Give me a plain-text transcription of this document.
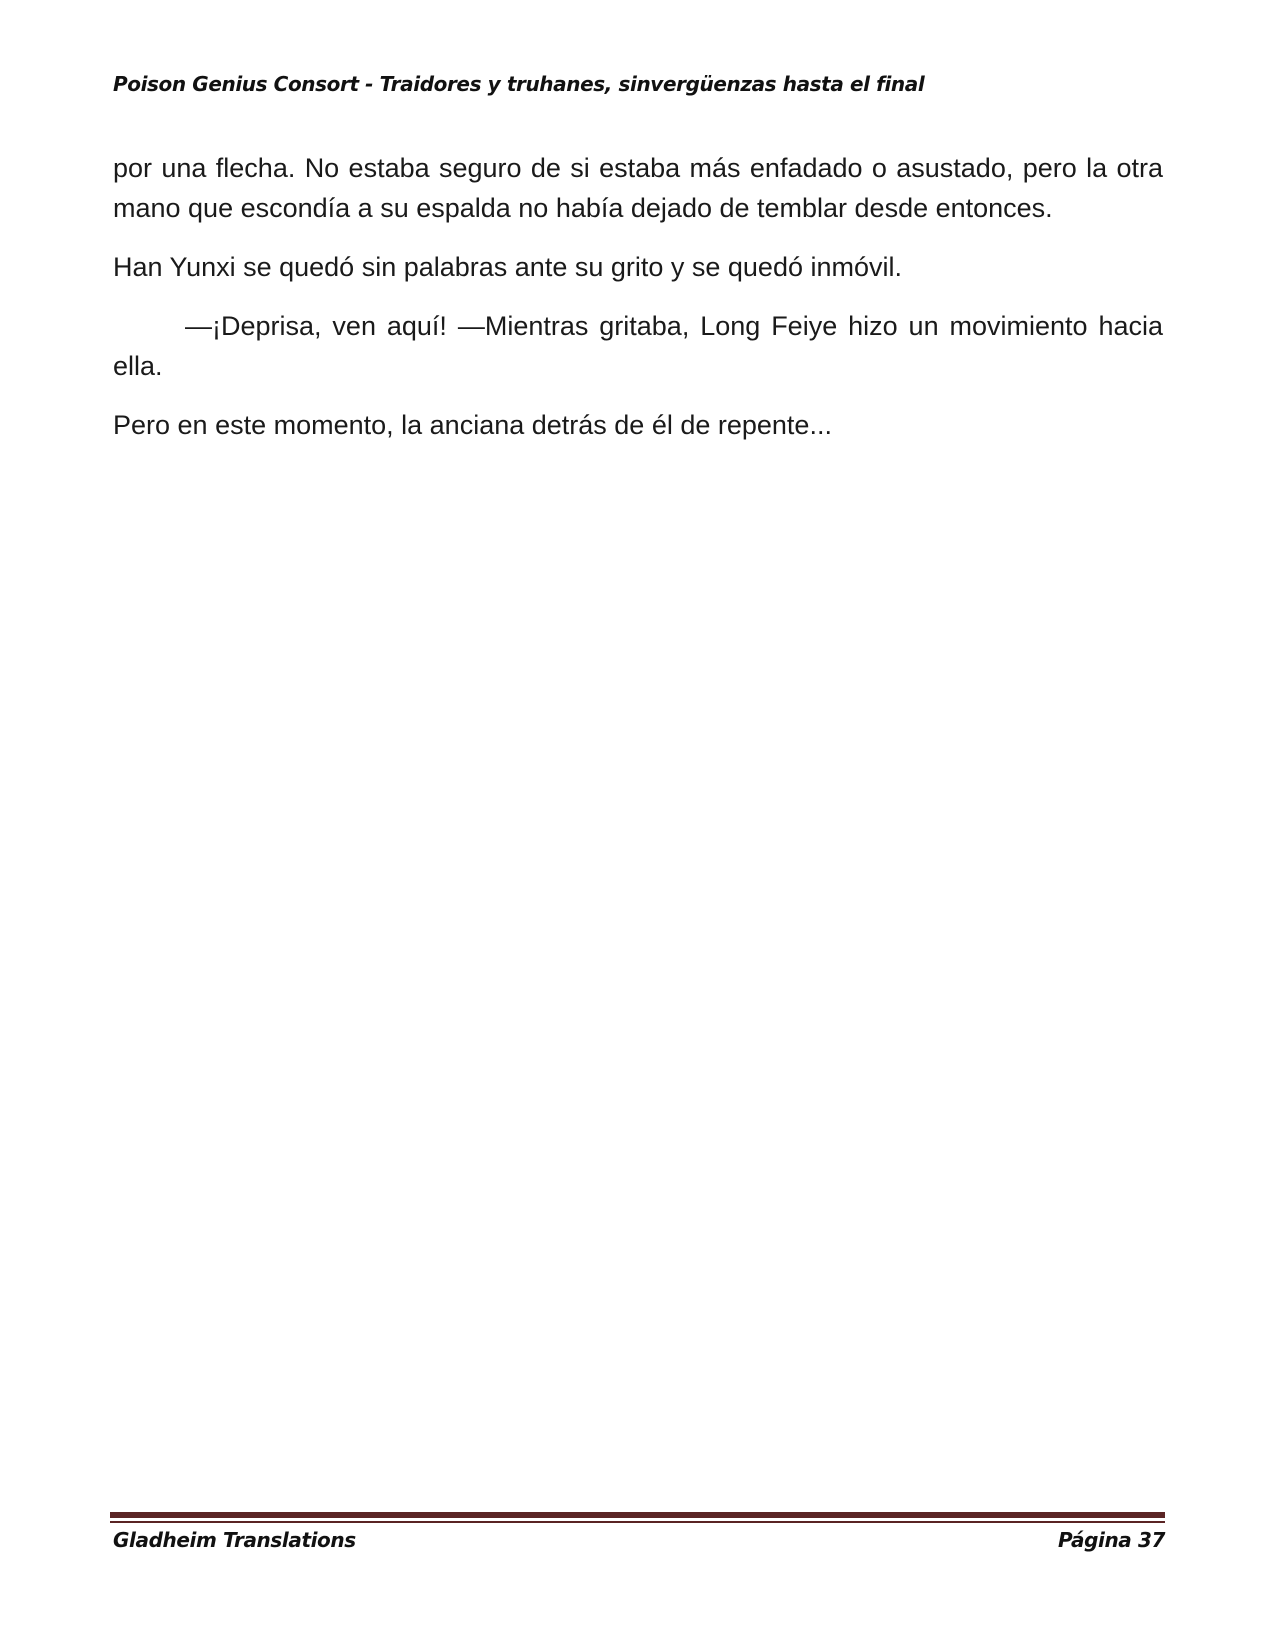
Poison Genius Consort - Traidores y truhanes, sinvergüenzas hasta el final

por una flecha. No estaba seguro de si estaba más enfadado o asustado, pero la otra mano que escondía a su espalda no había dejado de temblar desde entonces.

Han Yunxi se quedó sin palabras ante su grito y se quedó inmóvil.

—¡Deprisa, ven aquí! —Mientras gritaba, Long Feiye hizo un movimiento hacia ella.

Pero en este momento, la anciana detrás de él de repente...

Gladheim Translations	Página 37
